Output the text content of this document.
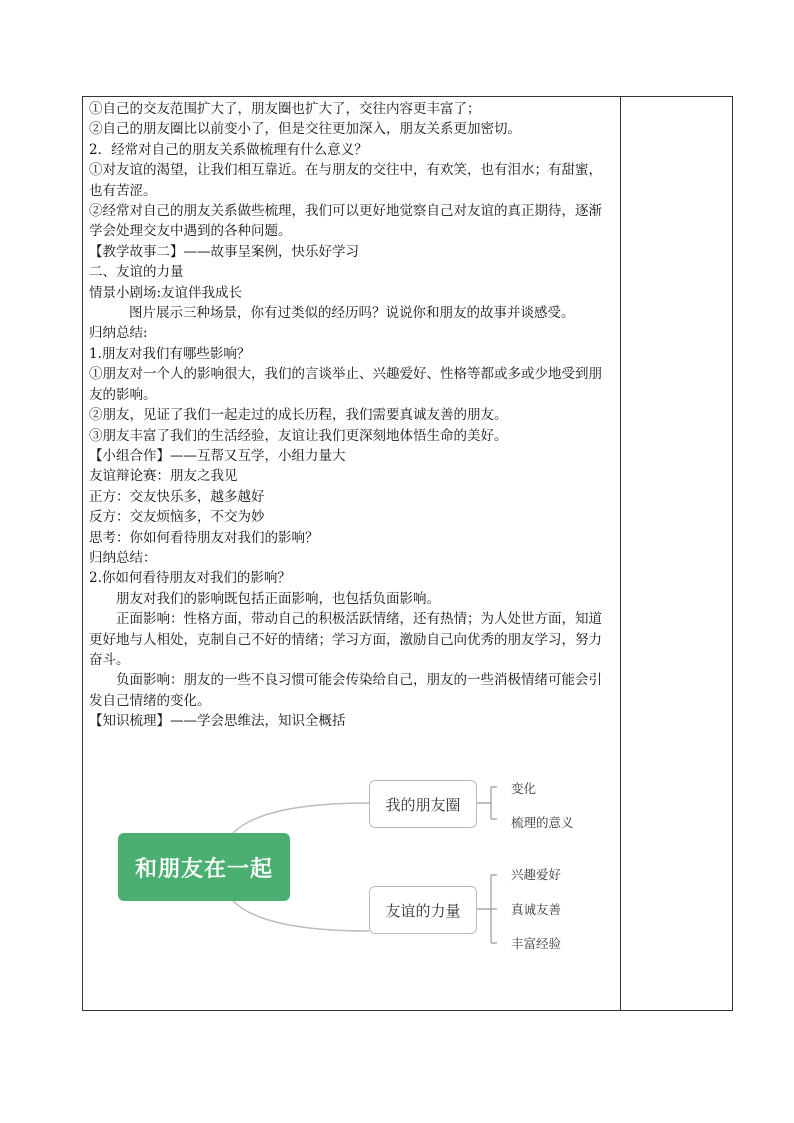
①自己的交友范围扩大了，朋友圈也扩大了，交往内容更丰富了；

②自己的朋友圈比以前变小了，但是交往更加深入，朋友关系更加密切。

2．经常对自己的朋友关系做梳理有什么意义？

①对友谊的渴望，让我们相互靠近。在与朋友的交往中，有欢笑，也有泪水；有甜蜜，也有苦涩。

②经常对自己的朋友关系做些梳理，我们可以更好地觉察自己对友谊的真正期待，逐渐学会处理交友中遇到的各种问题。

【教学故事二】——故事呈案例，快乐好学习

二、友谊的力量

情景小剧场:友谊伴我成长

图片展示三种场景，你有过类似的经历吗？说说你和朋友的故事并谈感受。

归纳总结:

1.朋友对我们有哪些影响？

①朋友对一个人的影响很大，我们的言谈举止、兴趣爱好、性格等都或多或少地受到朋友的影响。

②朋友，见证了我们一起走过的成长历程，我们需要真诚友善的朋友。

③朋友丰富了我们的生活经验，友谊让我们更深刻地体悟生命的美好。

【小组合作】——互帮又互学，小组力量大

友谊辩论赛：朋友之我见

正方：交友快乐多，越多越好

反方：交友烦恼多，不交为妙

思考：你如何看待朋友对我们的影响？

归纳总结：

2.你如何看待朋友对我们的影响？

朋友对我们的影响既包括正面影响，也包括负面影响。

正面影响：性格方面，带动自己的积极活跃情绪，还有热情；为人处世方面，知道更好地与人相处，克制自己不好的情绪；学习方面，激励自己向优秀的朋友学习，努力奋斗。

负面影响：朋友的一些不良习惯可能会传染给自己，朋友的一些消极情绪可能会引发自己情绪的变化。

【知识梳理】——学会思维法，知识全概括

和朋友在一起
我的朋友圈
友谊的力量
变化
梳理的意义
兴趣爱好
真诚友善
丰富经验
